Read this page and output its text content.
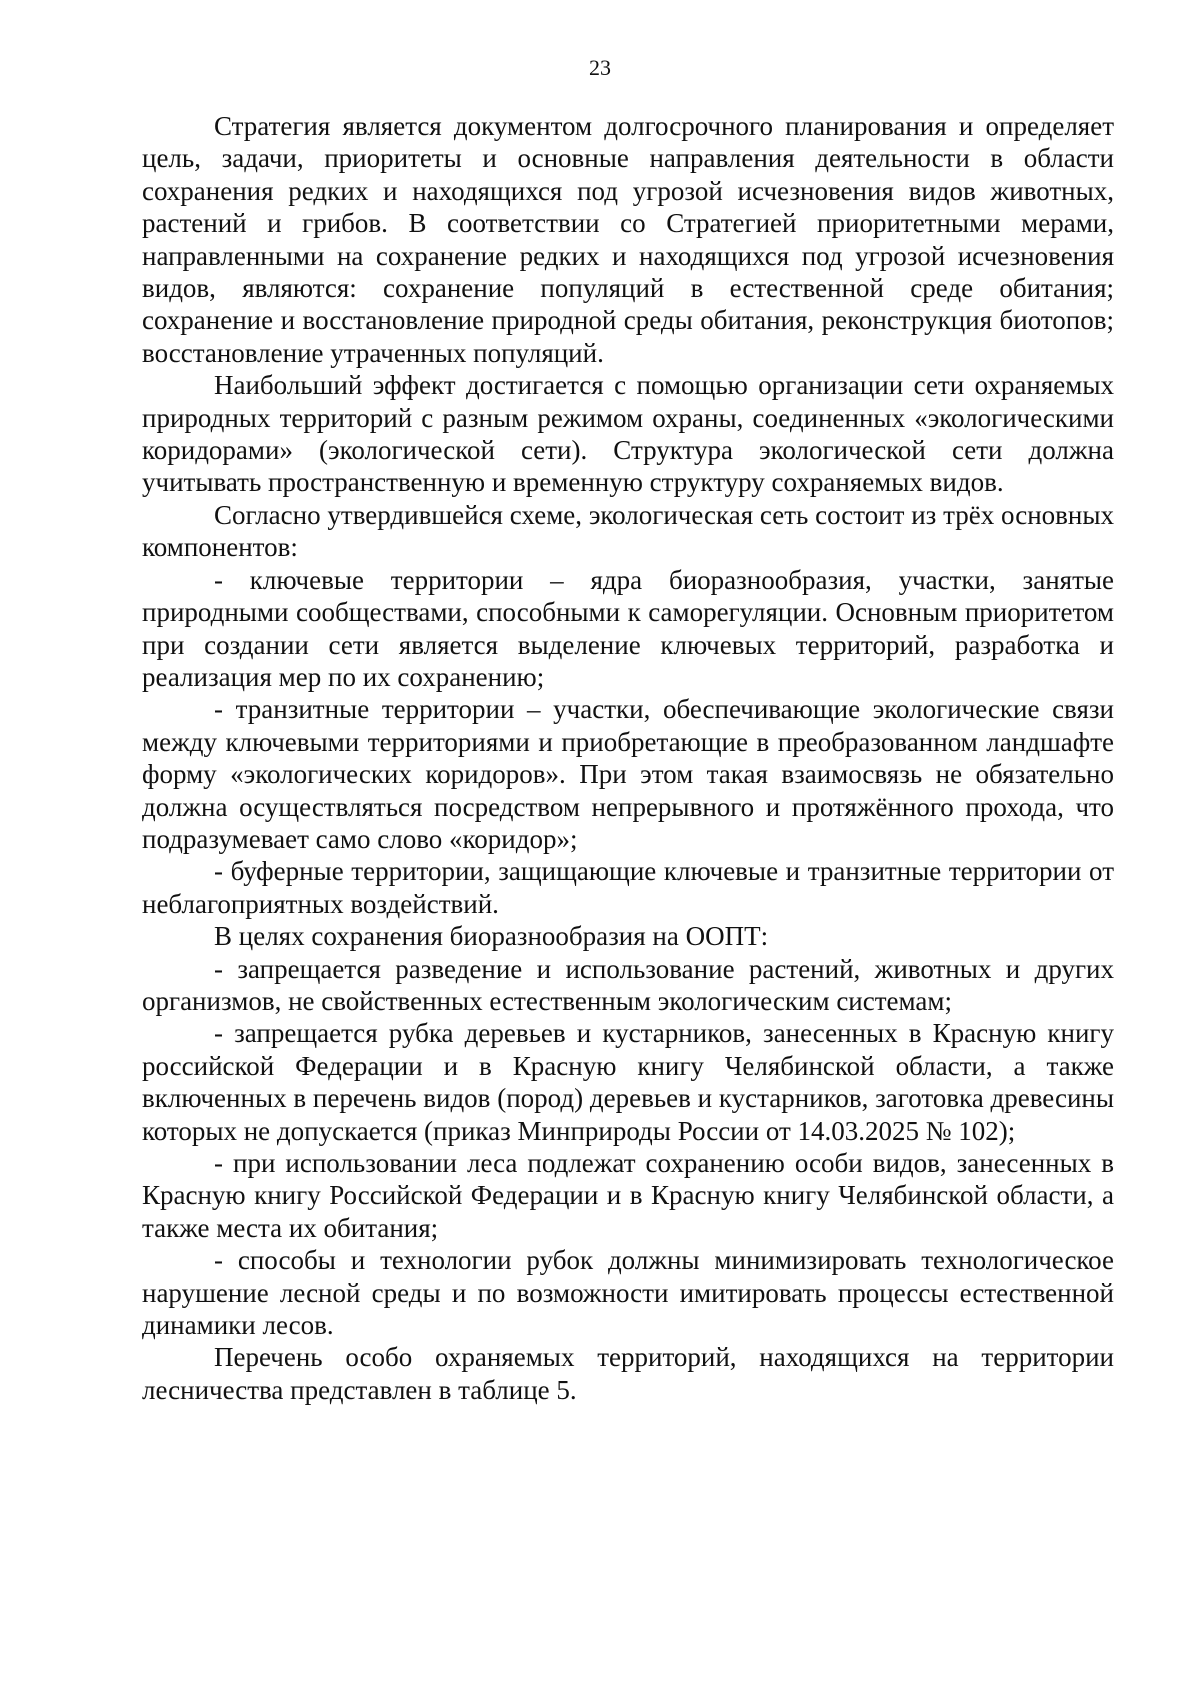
23

Стратегия является документом долгосрочного планирования и определяет цель, задачи, приоритеты и основные направления деятельности в области сохранения редких и находящихся под угрозой исчезновения видов животных, растений и грибов. В соответствии со Стратегией приоритетными мерами, направленными на сохранение редких и находящихся под угрозой исчезновения видов, являются: сохранение популяций в естественной среде обитания; сохранение и восстановление природной среды обитания, реконструкция биотопов; восстановление утраченных популяций.

Наибольший эффект достигается с помощью организации сети охраняемых природных территорий с разным режимом охраны, соединенных «экологическими коридорами» (экологической сети). Структура экологической сети должна учитывать пространственную и временную структуру сохраняемых видов.

Согласно утвердившейся схеме, экологическая сеть состоит из трёх основных компонентов:

- ключевые территории – ядра биоразнообразия, участки, занятые природными сообществами, способными к саморегуляции. Основным приоритетом при создании сети является выделение ключевых территорий, разработка и реализация мер по их сохранению;

- транзитные территории – участки, обеспечивающие экологические связи между ключевыми территориями и приобретающие в преобразованном ландшафте форму «экологических коридоров». При этом такая взаимосвязь не обязательно должна осуществляться посредством непрерывного и протяжённого прохода, что подразумевает само слово «коридор»;

- буферные территории, защищающие ключевые и транзитные территории от неблагоприятных воздействий.

В целях сохранения биоразнообразия на ООПТ:

- запрещается разведение и использование растений, животных и других организмов, не свойственных естественным экологическим системам;

- запрещается рубка деревьев и кустарников, занесенных в Красную книгу российской Федерации и в Красную книгу Челябинской области, а также включенных в перечень видов (пород) деревьев и кустарников, заготовка древесины которых не допускается (приказ Минприроды России от 14.03.2025 № 102);

- при использовании леса подлежат сохранению особи видов, занесенных в Красную книгу Российской Федерации и в Красную книгу Челябинской области, а также места их обитания;

- способы и технологии рубок должны минимизировать технологическое нарушение лесной среды и по возможности имитировать процессы естественной динамики лесов.

Перечень особо охраняемых территорий, находящихся на территории лесничества представлен в таблице 5.
